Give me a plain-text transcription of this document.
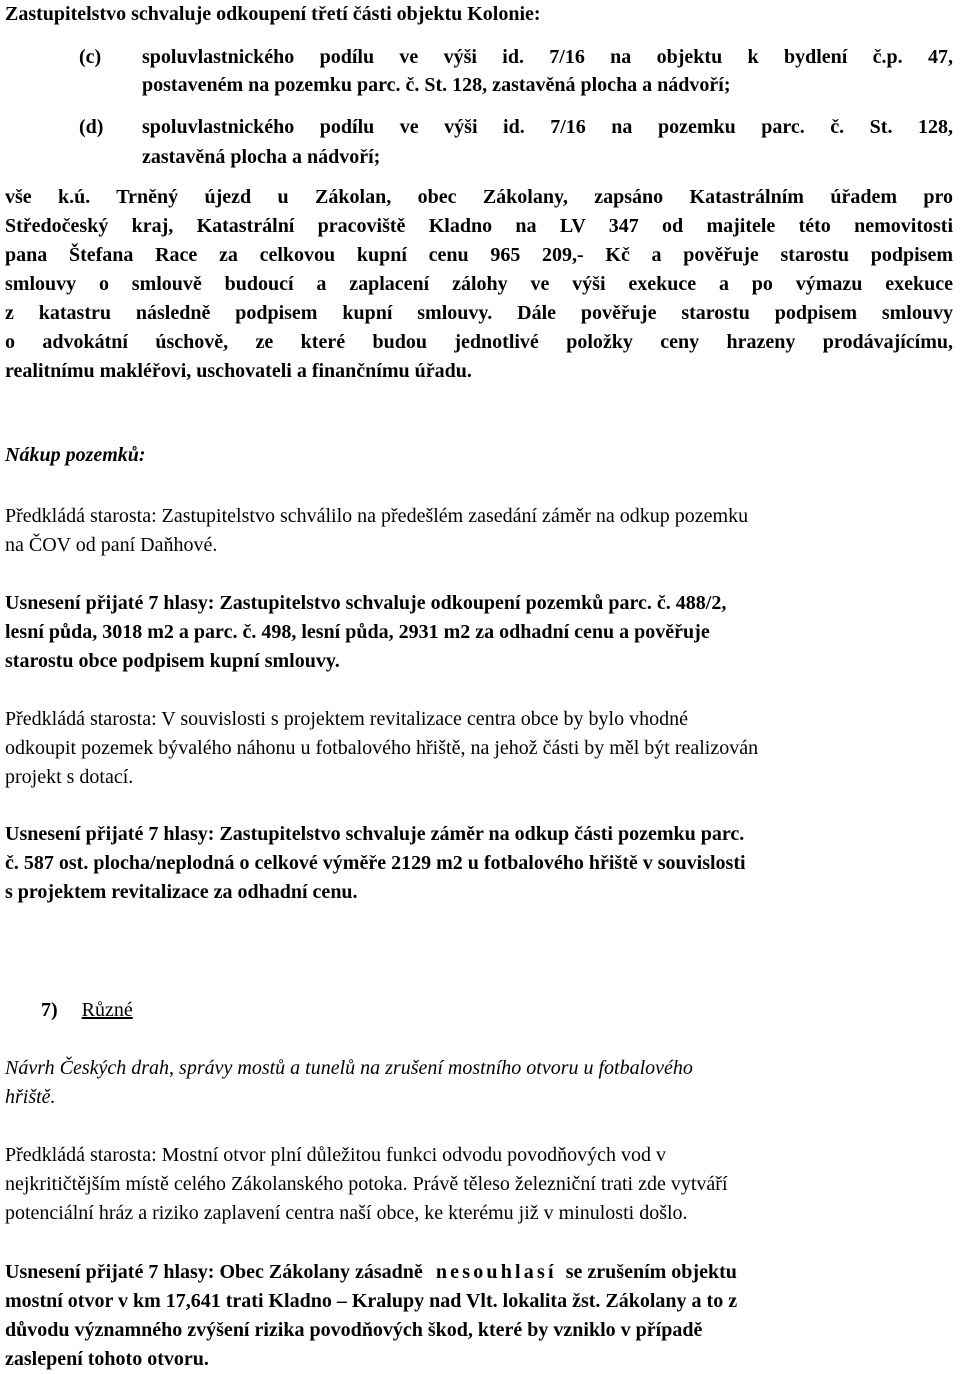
Zastupitelstvo schvaluje odkoupení třetí části objektu Kolonie:

(c) spoluvlastnického podílu ve výši id. 7/16 na objektu k bydlení č.p. 47,

postaveném na pozemku parc. č. St. 128, zastavěná plocha a nádvoří;

(d) spoluvlastnického podílu ve výši id. 7/16 na pozemku parc. č. St. 128,

zastavěná plocha a nádvoří;

vše k.ú. Trněný újezd u Zákolan, obec Zákolany, zapsáno Katastrálním úřadem pro

Středočeský kraj, Katastrální pracoviště Kladno na LV 347 od majitele této nemovitosti

pana Štefana Race za celkovou kupní cenu 965 209,- Kč a pověřuje starostu podpisem

smlouvy o smlouvě budoucí a zaplacení zálohy ve výši exekuce a po výmazu exekuce

z katastru následně podpisem kupní smlouvy. Dále pověřuje starostu podpisem smlouvy

o advokátní úschově, ze které budou jednotlivé položky ceny hrazeny prodávajícímu,

realitnímu makléřovi, uschovateli a finančnímu úřadu.

Nákup pozemků:

Předkládá starosta: Zastupitelstvo schválilo na předešlém zasedání záměr na odkup pozemku

na ČOV od paní Daňhové.

Usnesení přijaté 7 hlasy: Zastupitelstvo schvaluje odkoupení pozemků parc. č. 488/2,

lesní půda, 3018 m2 a parc. č. 498, lesní půda, 2931 m2 za odhadní cenu a pověřuje

starostu obce podpisem kupní smlouvy.

Předkládá starosta: V souvislosti s projektem revitalizace centra obce by bylo vhodné

odkoupit pozemek bývalého náhonu u fotbalového hřiště, na jehož části by měl být realizován

projekt s dotací.

Usnesení přijaté 7 hlasy: Zastupitelstvo schvaluje záměr na odkup části pozemku parc.

č. 587 ost. plocha/neplodná o celkové výměře 2129 m2 u fotbalového hřiště v souvislosti

s projektem revitalizace za odhadní cenu.

7) Různé

Návrh Českých drah, správy mostů a tunelů na zrušení mostního otvoru u fotbalového

hřiště.

Předkládá starosta: Mostní otvor plní důležitou funkci odvodu povodňových vod v

nejkritičtějším místě celého Zákolanského potoka. Právě těleso železniční trati zde vytváří

potenciální hráz a riziko zaplavení centra naší obce, ke kterému již v minulosti došlo.

Usnesení přijaté 7 hlasy: Obec Zákolany zásadně nesouhlasí se zrušením objektu

mostní otvor v km 17,641 trati Kladno – Kralupy nad Vlt. lokalita žst. Zákolany a to z

důvodu významného zvýšení rizika povodňových škod, které by vzniklo v případě

zaslepení tohoto otvoru.
